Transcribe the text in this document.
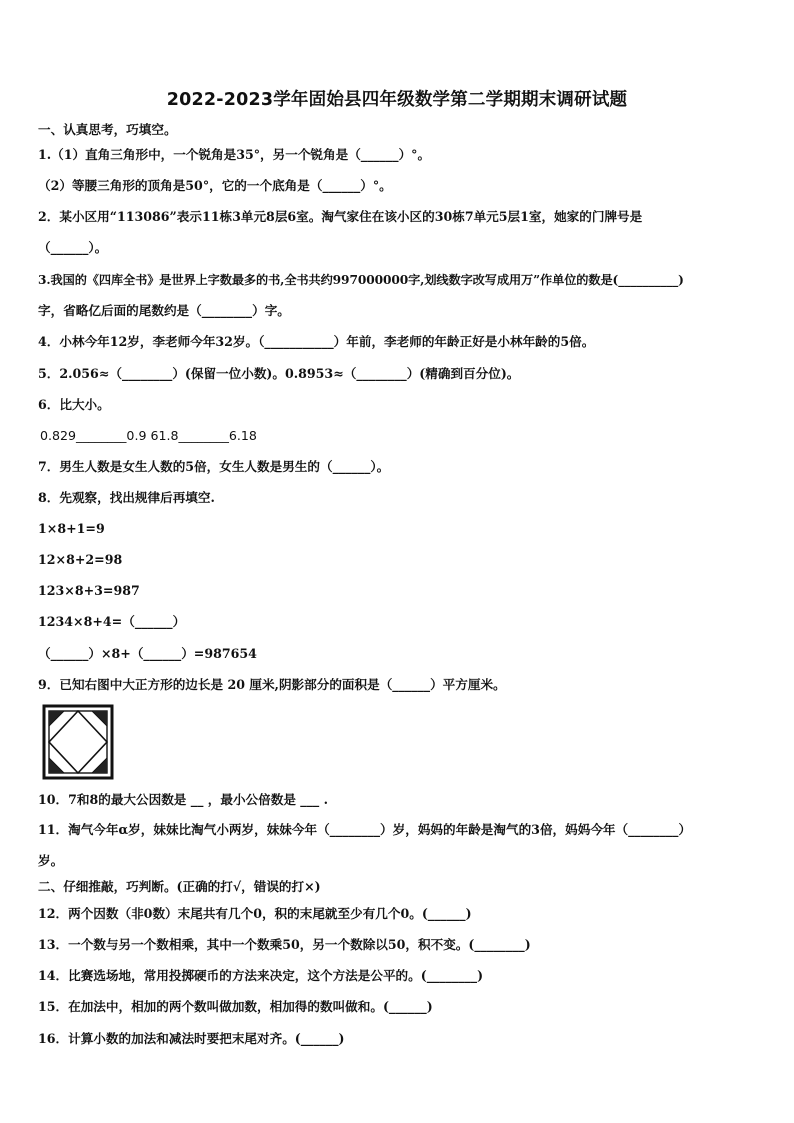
2022-2023学年固始县四年级数学第二学期期末调研试题
一、认真思考，巧填空。
1.（1）直角三角形中，一个锐角是35°，另一个锐角是（______）°。
（2）等腰三角形的顶角是50°，它的一个底角是（______）°。
2．某小区用“113086”表示11栋3单元8层6室。淘气家住在该小区的30栋7单元5层1室，她家的门牌号是
（______）。
3.我国的《四库全书》是世界上字数最多的书,全书共约997000000字,划线数字改写成用万”作单位的数是(__________)
字，省略亿后面的尾数约是（________）字。
4．小林今年12岁，李老师今年32岁。（___________）年前，李老师的年龄正好是小林年龄的5倍。
5．2.056≈（________）(保留一位小数)。0.8953≈（________）(精确到百分位)。
6．比大小。
0.829________0.9 61.8________6.18
7．男生人数是女生人数的5倍，女生人数是男生的（______）。
8．先观察，找出规律后再填空.
1×8+1=9
12×8+2=98
123×8+3=987
1234×8+4=（______）
（______）×8+（______）=987654
9．已知右图中大正方形的边长是 20 厘米,阴影部分的面积是（______）平方厘米。
10．7和8的最大公因数是 __ ，最小公倍数是 ___ .
11．淘气今年α岁，妹妹比淘气小两岁，妹妹今年（________）岁，妈妈的年龄是淘气的3倍，妈妈今年（________）
岁。
二、仔细推敲，巧判断。(正确的打√，错误的打×)
12．两个因数（非0数）末尾共有几个0，积的末尾就至少有几个0。(______)
13．一个数与另一个数相乘，其中一个数乘50，另一个数除以50，积不变。(________)
14．比赛选场地，常用投掷硬币的方法来决定，这个方法是公平的。(________)
15．在加法中，相加的两个数叫做加数，相加得的数叫做和。(______)
16．计算小数的加法和减法时要把末尾对齐。(______)
